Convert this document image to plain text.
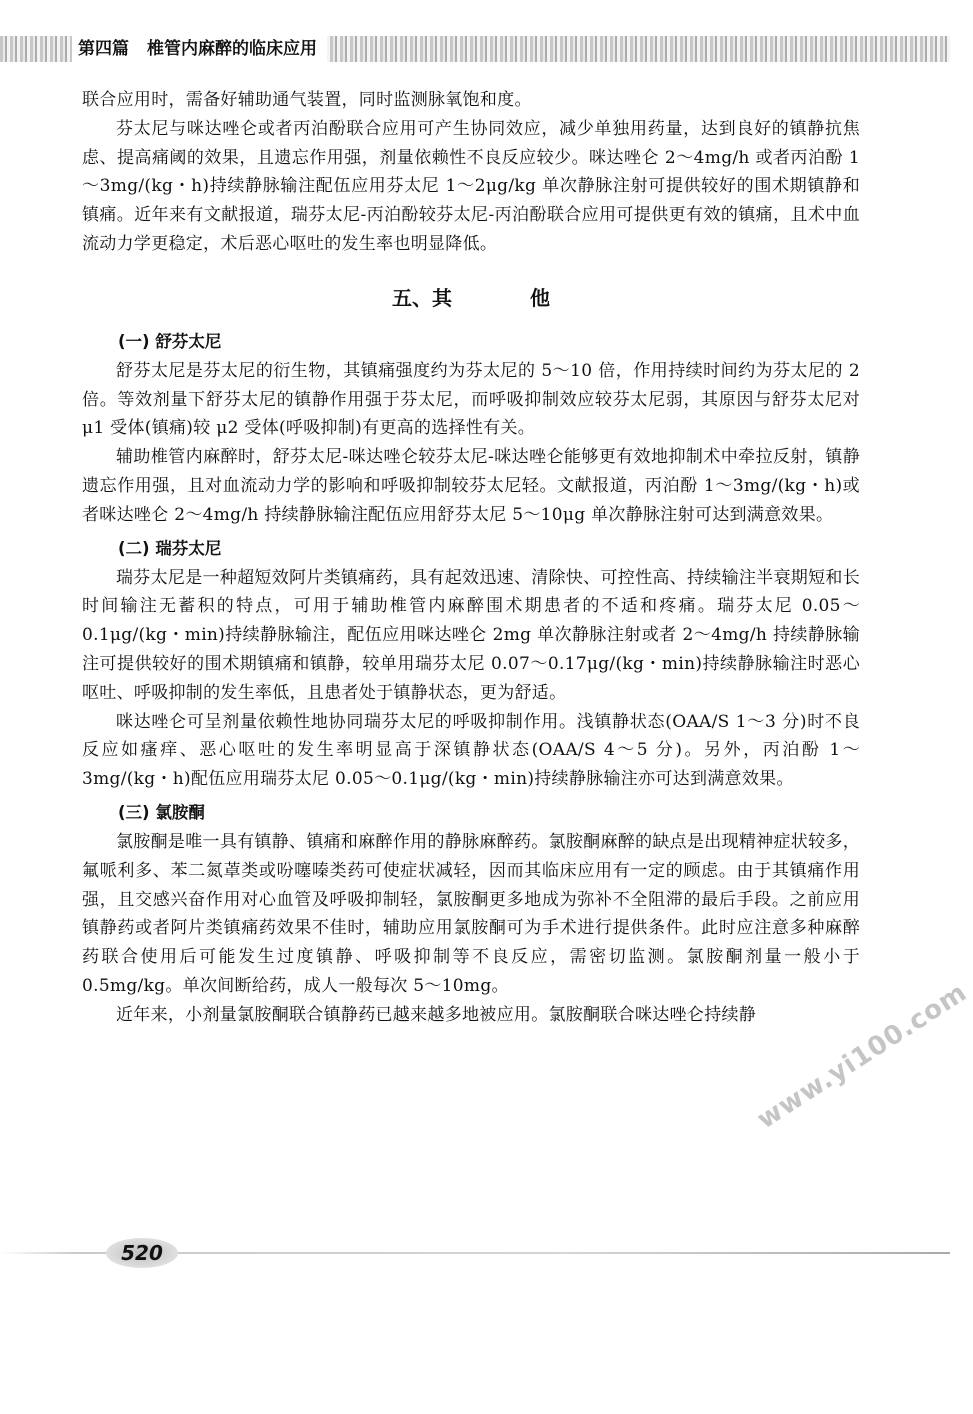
第四篇 椎管内麻醉的临床应用

联合应用时，需备好辅助通气装置，同时监测脉氧饱和度。

芬太尼与咪达唑仑或者丙泊酚联合应用可产生协同效应，减少单独用药量，达到良好的镇静抗焦虑、提高痛阈的效果，且遗忘作用强，剂量依赖性不良反应较少。咪达唑仑 2～4mg/h 或者丙泊酚 1～3mg/(kg・h)持续静脉输注配伍应用芬太尼 1～2μg/kg 单次静脉注射可提供较好的围术期镇静和镇痛。近年来有文献报道，瑞芬太尼-丙泊酚较芬太尼-丙泊酚联合应用可提供更有效的镇痛，且术中血流动力学更稳定，术后恶心呕吐的发生率也明显降低。

五、其	他
(一) 舒芬太尼

舒芬太尼是芬太尼的衍生物，其镇痛强度约为芬太尼的 5～10 倍，作用持续时间约为芬太尼的 2 倍。等效剂量下舒芬太尼的镇静作用强于芬太尼，而呼吸抑制效应较芬太尼弱，其原因与舒芬太尼对 μ1 受体(镇痛)较 μ2 受体(呼吸抑制)有更高的选择性有关。

辅助椎管内麻醉时，舒芬太尼-咪达唑仑较芬太尼-咪达唑仑能够更有效地抑制术中牵拉反射，镇静遗忘作用强，且对血流动力学的影响和呼吸抑制较芬太尼轻。文献报道，丙泊酚 1～3mg/(kg・h)或者咪达唑仑 2～4mg/h 持续静脉输注配伍应用舒芬太尼 5～10μg 单次静脉注射可达到满意效果。

(二) 瑞芬太尼

瑞芬太尼是一种超短效阿片类镇痛药，具有起效迅速、清除快、可控性高、持续输注半衰期短和长时间输注无蓄积的特点，可用于辅助椎管内麻醉围术期患者的不适和疼痛。瑞芬太尼 0.05～0.1μg/(kg・min)持续静脉输注，配伍应用咪达唑仑 2mg 单次静脉注射或者 2～4mg/h 持续静脉输注可提供较好的围术期镇痛和镇静，较单用瑞芬太尼 0.07～0.17μg/(kg・min)持续静脉输注时恶心呕吐、呼吸抑制的发生率低，且患者处于镇静状态，更为舒适。

咪达唑仑可呈剂量依赖性地协同瑞芬太尼的呼吸抑制作用。浅镇静状态(OAA/S 1～3 分)时不良反应如瘙痒、恶心呕吐的发生率明显高于深镇静状态(OAA/S 4～5 分)。另外，丙泊酚 1～3mg/(kg・h)配伍应用瑞芬太尼 0.05～0.1μg/(kg・min)持续静脉输注亦可达到满意效果。

(三) 氯胺酮

氯胺酮是唯一具有镇静、镇痛和麻醉作用的静脉麻醉药。氯胺酮麻醉的缺点是出现精神症状较多，氟哌利多、苯二氮䓬类或吩噻嗪类药可使症状减轻，因而其临床应用有一定的顾虑。由于其镇痛作用强，且交感兴奋作用对心血管及呼吸抑制轻，氯胺酮更多地成为弥补不全阻滞的最后手段。之前应用镇静药或者阿片类镇痛药效果不佳时，辅助应用氯胺酮可为手术进行提供条件。此时应注意多种麻醉药联合使用后可能发生过度镇静、呼吸抑制等不良反应，需密切监测。氯胺酮剂量一般小于 0.5mg/kg。单次间断给药，成人一般每次 5～10mg。

近年来，小剂量氯胺酮联合镇静药已越来越多地被应用。氯胺酮联合咪达唑仑持续静

520
www.yi100.com
